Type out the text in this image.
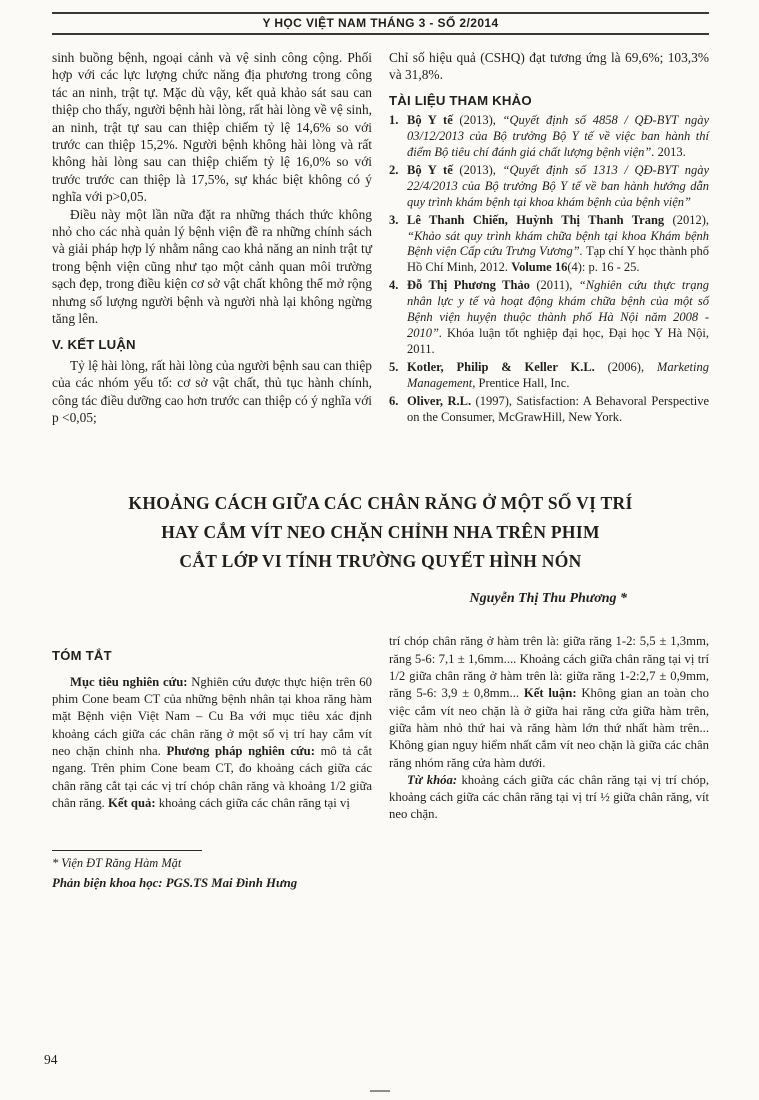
Y HỌC VIỆT NAM THÁNG 3 - SỐ 2/2014

sinh buồng bệnh, ngoại cảnh và vệ sinh công cộng. Phối hợp với các lực lượng chức năng địa phương trong công tác an ninh, trật tự. Mặc dù vậy, kết quả khảo sát sau can thiệp cho thấy, người bệnh hài lòng, rất hài lòng về vệ sinh, an ninh, trật tự sau can thiệp chiếm tỷ lệ 14,6% so với trước can thiệp 15,2%. Người bệnh không hài lòng và rất không hài lòng sau can thiệp chiếm tỷ lệ 16,0% so với trước trước can thiệp là 17,5%, sự khác biệt không có ý nghĩa với p>0,05.

Điều này một lần nữa đặt ra những thách thức không nhỏ cho các nhà quản lý bệnh viện đề ra những chính sách và giải pháp hợp lý nhằm nâng cao khả năng an ninh trật tự trong bệnh viện cũng như tạo một cảnh quan môi trường sạch đẹp, trong điều kiện cơ sở vật chất không thể mở rộng nhưng số lượng người bệnh và người nhà lại không ngừng tăng lên.

V. KẾT LUẬN

Tỷ lệ hài lòng, rất hài lòng của người bệnh sau can thiệp của các nhóm yếu tố: cơ sở vật chất, thủ tục hành chính, công tác điều dưỡng cao hơn trước can thiệp có ý nghĩa với p <0,05;

Chỉ số hiệu quả (CSHQ) đạt tương ứng là 69,6%; 103,3% và 31,8%.

TÀI LIỆU THAM KHẢO
1. Bộ Y tế (2013), “Quyết định số 4858 / QĐ-BYT ngày 03/12/2013 của Bộ trưởng Bộ Y tế về việc ban hành thí điểm Bộ tiêu chí đánh giá chất lượng bệnh viện”. 2013.
2. Bộ Y tế (2013), “Quyết định số 1313 / QĐ-BYT ngày 22/4/2013 của Bộ trưởng Bộ Y tế về ban hành hướng dẫn quy trình khám bệnh tại khoa khám bệnh của bệnh viện”
3. Lê Thanh Chiến, Huỳnh Thị Thanh Trang (2012), “Khảo sát quy trình khám chữa bệnh tại khoa Khám bệnh Bệnh viện Cấp cứu Trưng Vương”. Tạp chí Y học thành phố Hồ Chí Minh, 2012. Volume 16(4): p. 16 - 25.
4. Đỗ Thị Phương Thảo (2011), “Nghiên cứu thực trạng nhân lực y tế và hoạt động khám chữa bệnh của một số Bệnh viện huyện thuộc thành phố Hà Nội năm 2008 - 2010”. Khóa luận tốt nghiệp đại học, Đại học Y Hà Nội, 2011.
5. Kotler, Philip & Keller K.L. (2006), Marketing Management, Prentice Hall, Inc.
6. Oliver, R.L. (1997), Satisfaction: A Behavoral Perspective on the Consumer, McGrawHill, New York.
KHOẢNG CÁCH GIỮA CÁC CHÂN RĂNG Ở MỘT SỐ VỊ TRÍ
HAY CẮM VÍT NEO CHẶN CHỈNH NHA TRÊN PHIM
CẮT LỚP VI TÍNH TRƯỜNG QUYẾT HÌNH NÓN
Nguyễn Thị Thu Phương *
TÓM TẮT

Mục tiêu nghiên cứu: Nghiên cứu được thực hiện trên 60 phim Cone beam CT của những bệnh nhân tại khoa răng hàm mặt Bệnh viện Việt Nam – Cu Ba với mục tiêu xác định khoảng cách giữa các chân răng ở một số vị trí hay cắm vít neo chặn chỉnh nha. Phương pháp nghiên cứu: mô tả cắt ngang. Trên phim Cone beam CT, đo khoảng cách giữa các chân răng cắt tại các vị trí chóp chân răng và khoảng 1/2 giữa chân răng. Kết quả: khoảng cách giữa các chân răng tại vị

trí chóp chân răng ở hàm trên là: giữa răng 1-2: 5,5 ± 1,3mm, răng 5-6: 7,1 ± 1,6mm.... Khoảng cách giữa chân răng tại vị trí 1/2 giữa chân răng ở hàm trên là: giữa răng 1-2:2,7 ± 0,9mm, răng 5-6: 3,9 ± 0,8mm... Kết luận: Không gian an toàn cho việc cắm vít neo chặn là ở giữa hai răng cửa giữa hàm trên, giữa hàm nhỏ thứ hai và răng hàm lớn thứ nhất hàm trên... Không gian nguy hiểm nhất cắm vít neo chặn là giữa các chân răng nhóm răng cửa hàm dưới.

Từ khóa: khoảng cách giữa các chân răng tại vị trí chóp, khoảng cách giữa các chân răng tại vị trí ½ giữa chân răng, vít neo chặn.

* Viện ĐT Răng Hàm Mặt
Phản biện khoa học: PGS.TS Mai Đình Hưng
94
